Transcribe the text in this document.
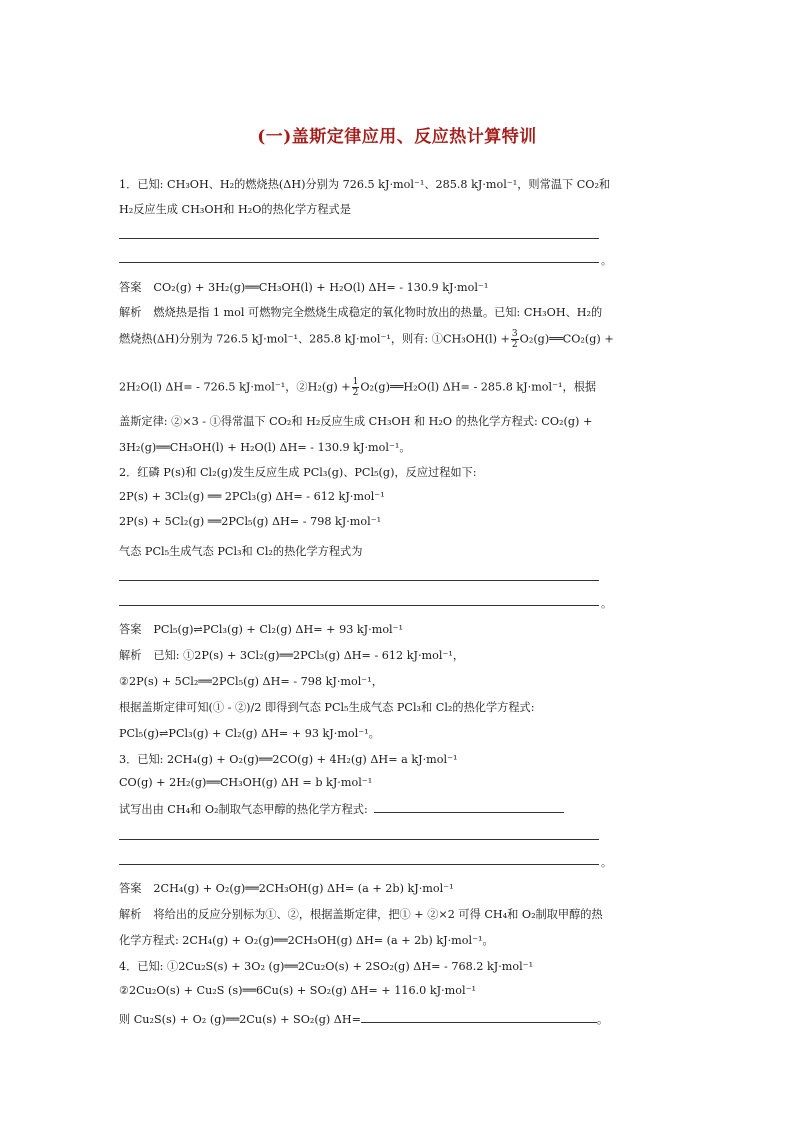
(一)盖斯定律应用、反应热计算特训
1．已知: CH₃OH、H₂的燃烧热(ΔH)分别为 726.5 kJ·mol⁻¹、285.8 kJ·mol⁻¹，则常温下 CO₂和
H₂反应生成 CH₃OH和 H₂O的热化学方程式是
。
答案 CO₂(g) + 3H₂(g)══CH₃OH(l) + H₂O(l) ΔH= - 130.9 kJ·mol⁻¹
解析 燃烧热是指 1 mol 可燃物完全燃烧生成稳定的氧化物时放出的热量。已知: CH₃OH、H₂的
燃烧热(ΔH)分别为 726.5 kJ·mol⁻¹、285.8 kJ·mol⁻¹，则有: ①CH₃OH(l) + $\frac{3}{2}$ O₂(g)══CO₂(g) +
2H₂O(l) ΔH= - 726.5 kJ·mol⁻¹，②H₂(g) + $\frac{1}{2}$ O₂(g)══H₂O(l) ΔH= - 285.8 kJ·mol⁻¹，根据
盖斯定律: ②×3 - ①得常温下 CO₂和 H₂反应生成 CH₃OH 和 H₂O 的热化学方程式: CO₂(g) +
3H₂(g)══CH₃OH(l) + H₂O(l) ΔH= - 130.9 kJ·mol⁻¹。
2．红磷 P(s)和 Cl₂(g)发生反应生成 PCl₃(g)、PCl₅(g)，反应过程如下:
2P(s) + 3Cl₂(g) ══ 2PCl₃(g) ΔH= - 612 kJ·mol⁻¹
2P(s) + 5Cl₂(g) ══2PCl₅(g) ΔH= - 798 kJ·mol⁻¹
气态 PCl₅生成气态 PCl₃和 Cl₂的热化学方程式为
。
答案 PCl₅(g)⇌PCl₃(g) + Cl₂(g) ΔH= + 93 kJ·mol⁻¹
解析 已知: ①2P(s) + 3Cl₂(g)══2PCl₃(g) ΔH= - 612 kJ·mol⁻¹，
②2P(s) + 5Cl₂══2PCl₅(g) ΔH= - 798 kJ·mol⁻¹，
根据盖斯定律可知(① - ②)/2 即得到气态 PCl₅生成气态 PCl₃和 Cl₂的热化学方程式:
PCl₅(g)⇌PCl₃(g) + Cl₂(g) ΔH= + 93 kJ·mol⁻¹。
3．已知: 2CH₄(g) + O₂(g)══2CO(g) + 4H₂(g) ΔH= a kJ·mol⁻¹
CO(g) + 2H₂(g)══CH₃OH(g) ΔH = b kJ·mol⁻¹
试写出由 CH₄和 O₂制取气态甲醇的热化学方程式:
。
答案 2CH₄(g) + O₂(g)══2CH₃OH(g) ΔH= (a + 2b) kJ·mol⁻¹
解析 将给出的反应分别标为①、②，根据盖斯定律，把① + ②×2 可得 CH₄和 O₂制取甲醇的热
化学方程式: 2CH₄(g) + O₂(g)══2CH₃OH(g) ΔH= (a + 2b) kJ·mol⁻¹。
4．已知: ①2Cu₂S(s) + 3O₂ (g)══2Cu₂O(s) + 2SO₂(g) ΔH= - 768.2 kJ·mol⁻¹
②2Cu₂O(s) + Cu₂S (s)══6Cu(s) + SO₂(g) ΔH= + 116.0 kJ·mol⁻¹
则 Cu₂S(s) + O₂ (g)══2Cu(s) + SO₂(g) ΔH=	。
